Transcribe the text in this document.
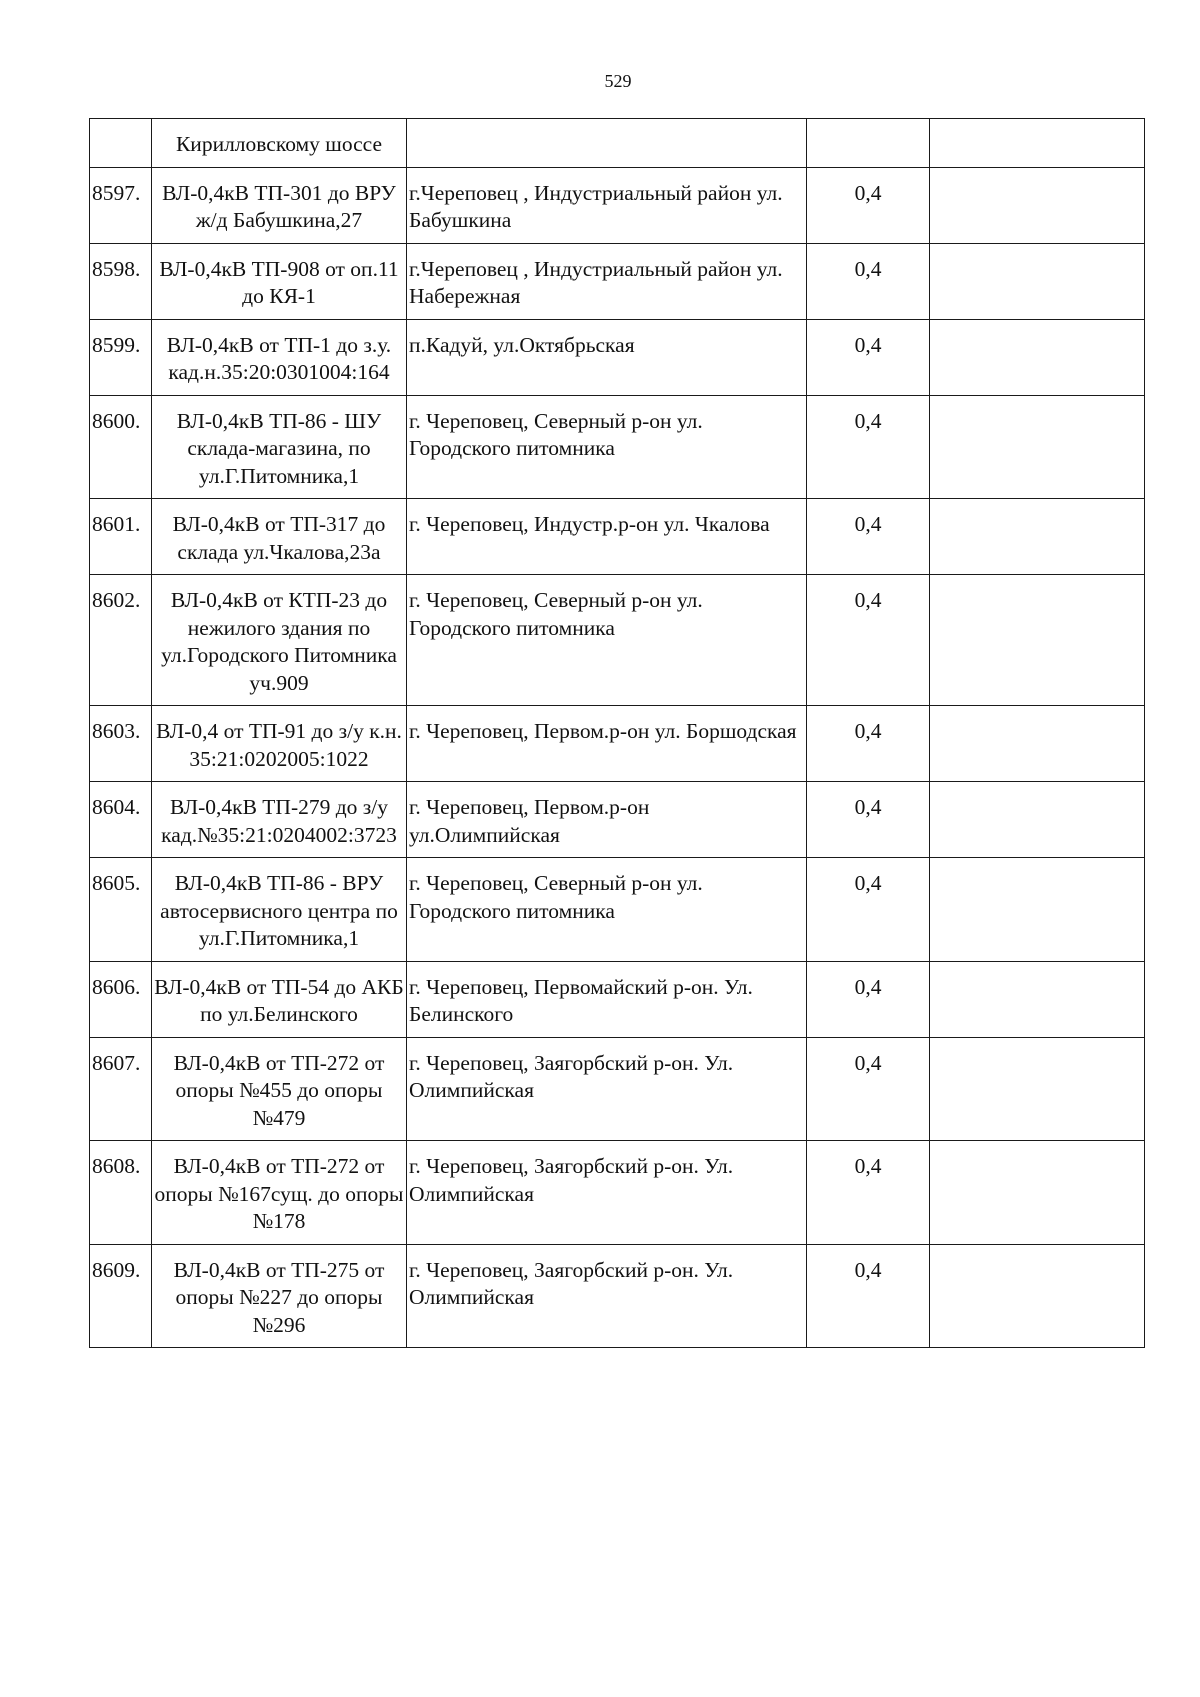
529
	Кирилловскому шоссе			
8597.	ВЛ-0,4кВ ТП-301 до ВРУ ж/д Бабушкина,27	г.Череповец , Индустриальный район ул. Бабушкина	0,4	
8598.	ВЛ-0,4кВ ТП-908 от оп.11 до КЯ-1	г.Череповец , Индустриальный район ул. Набережная	0,4	
8599.	ВЛ-0,4кВ от ТП-1 до з.у. кад.н.35:20:0301004:164	п.Кадуй, ул.Октябрьская	0,4	
8600.	ВЛ-0,4кВ ТП-86 - ШУ склада-магазина, по ул.Г.Питомника,1	г. Череповец, Северный р-он ул. Городского питомника	0,4	
8601.	ВЛ-0,4кВ от ТП-317 до склада ул.Чкалова,23а	г. Череповец, Индустр.р-он ул. Чкалова	0,4	
8602.	ВЛ-0,4кВ от КТП-23 до нежилого здания по ул.Городского Питомника уч.909	г. Череповец, Северный р-он ул. Городского питомника	0,4	
8603.	ВЛ-0,4 от ТП-91 до з/у к.н. 35:21:0202005:1022	г. Череповец, Первом.р-он ул. Боршодская	0,4	
8604.	ВЛ-0,4кВ ТП-279 до з/у кад.№35:21:0204002:3723	г. Череповец, Первом.р-он ул.Олимпийская	0,4	
8605.	ВЛ-0,4кВ ТП-86 - ВРУ автосервисного центра по ул.Г.Питомника,1	г. Череповец, Северный р-он ул. Городского питомника	0,4	
8606.	ВЛ-0,4кВ от ТП-54 до АКБ по ул.Белинского	г. Череповец, Первомайский р-он. Ул. Белинского	0,4	
8607.	ВЛ-0,4кВ от ТП-272 от опоры №455 до опоры №479	г. Череповец, Заягорбский р-он. Ул. Олимпийская	0,4	
8608.	ВЛ-0,4кВ от ТП-272 от опоры №167сущ. до опоры №178	г. Череповец, Заягорбский р-он. Ул. Олимпийская	0,4	
8609.	ВЛ-0,4кВ от ТП-275 от опоры №227 до опоры №296	г. Череповец, Заягорбский р-он. Ул. Олимпийская	0,4	
